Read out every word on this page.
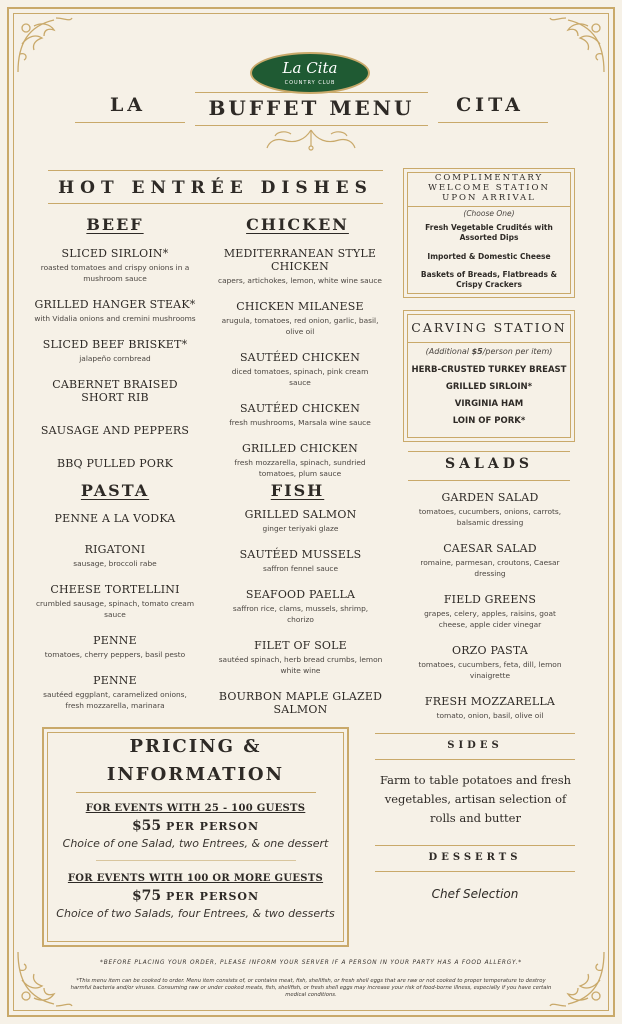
La Cita
COUNTRY CLUB
LA	BUFFET MENU	CITA
HOT ENTRÉE DISHES
BEEF
SLICED SIRLOIN*
roasted tomatoes and crispy onions in a mushroom sauce
GRILLED HANGER STEAK*
with Vidalia onions and cremini mushrooms
SLICED BEEF BRISKET*
jalapeño cornbread
CABERNET BRAISED SHORT RIB
SAUSAGE AND PEPPERS
BBQ PULLED PORK
CHICKEN
MEDITERRANEAN STYLE CHICKEN
capers, artichokes, lemon, white wine sauce
CHICKEN MILANESE
arugula, tomatoes, red onion, garlic, basil, olive oil
SAUTÉED CHICKEN
diced tomatoes, spinach, pink cream sauce
SAUTÉED CHICKEN
fresh mushrooms, Marsala wine sauce
GRILLED CHICKEN
fresh mozzarella, spinach, sundried tomatoes, plum sauce
PASTA
PENNE A LA VODKA
RIGATONI
sausage, broccoli rabe
CHEESE TORTELLINI
crumbled sausage, spinach, tomato cream sauce
PENNE
tomatoes, cherry peppers, basil pesto
PENNE
sautéed eggplant, caramelized onions, fresh mozzarella, marinara
FISH
GRILLED SALMON
ginger teriyaki glaze
SAUTÉED MUSSELS
saffron fennel sauce
SEAFOOD PAELLA
saffron rice, clams, mussels, shrimp, chorizo
FILET OF SOLE
sautéed spinach, herb bread crumbs, lemon white wine
BOURBON MAPLE GLAZED SALMON
COMPLIMENTARY
WELCOME STATION
UPON ARRIVAL
(Choose One)
Fresh Vegetable Crudités with Assorted Dips
Imported & Domestic Cheese
Baskets of Breads, Flatbreads & Crispy Crackers
CARVING STATION
(Additional $5/person per item)
HERB-CRUSTED TURKEY BREAST
GRILLED SIRLOIN*
VIRGINIA HAM
LOIN OF PORK*
SALADS
GARDEN SALAD
tomatoes, cucumbers, onions, carrots, balsamic dressing
CAESAR SALAD
romaine, parmesan, croutons, Caesar dressing
FIELD GREENS
grapes, celery, apples, raisins, goat cheese, apple cider vinegar
ORZO PASTA
tomatoes, cucumbers, feta, dill, lemon vinaigrette
FRESH MOZZARELLA
tomato, onion, basil, olive oil
PRICING &
INFORMATION
FOR EVENTS WITH 25 - 100 GUESTS
$55 PER PERSON
Choice of one Salad, two Entrees, & one dessert
FOR EVENTS WITH 100 OR MORE GUESTS
$75 PER PERSON
Choice of two Salads, four Entrees, & two desserts
SIDES
Farm to table potatoes and fresh vegetables, artisan selection of rolls and butter
DESSERTS
Chef Selection
*BEFORE PLACING YOUR ORDER, PLEASE INFORM YOUR SERVER IF A PERSON IN YOUR PARTY HAS A FOOD ALLERGY.*
*This menu item can be cooked to order. Menu item consists of, or contains meat, fish, shellfish, or fresh shell eggs that are raw or not cooked to proper temperature to destroy harmful bacteria and/or viruses. Consuming raw or under cooked meats, fish, shellfish, or fresh shell eggs may increase your risk of food-borne illness, especially if you have certain medical conditions.
